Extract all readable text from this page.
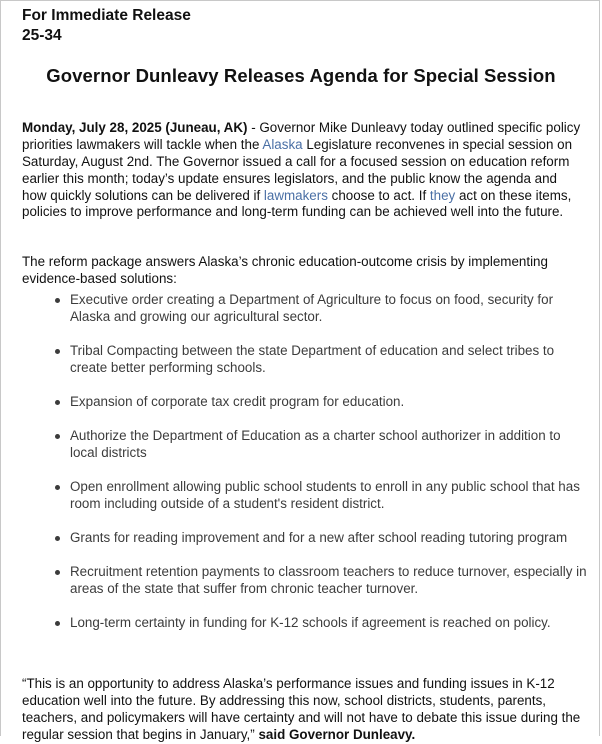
For Immediate Release
25-34
Governor Dunleavy Releases Agenda for Special Session

Monday, July 28, 2025 (Juneau, AK) - Governor Mike Dunleavy today outlined specific policy priorities lawmakers will tackle when the Alaska Legislature reconvenes in special session on Saturday, August 2nd. The Governor issued a call for a focused session on education reform earlier this month; today’s update ensures legislators, and the public know the agenda and how quickly solutions can be delivered if lawmakers choose to act. If they act on these items, policies to improve performance and long-term funding can be achieved well into the future.

The reform package answers Alaska’s chronic education-outcome crisis by implementing evidence-based solutions:

Executive order creating a Department of Agriculture to focus on food, security for Alaska and growing our agricultural sector.
Tribal Compacting between the state Department of education and select tribes to create better performing schools.
Expansion of corporate tax credit program for education.
Authorize the Department of Education as a charter school authorizer in addition to local districts
Open enrollment allowing public school students to enroll in any public school that has room including outside of a student's resident district.
Grants for reading improvement and for a new after school reading tutoring program
Recruitment retention payments to classroom teachers to reduce turnover, especially in areas of the state that suffer from chronic teacher turnover.
Long-term certainty in funding for K-12 schools if agreement is reached on policy.

“This is an opportunity to address Alaska’s performance issues and funding issues in K-12 education well into the future. By addressing this now, school districts, students, parents, teachers, and policymakers will have certainty and will not have to debate this issue during the regular session that begins in January,” said Governor Dunleavy.
